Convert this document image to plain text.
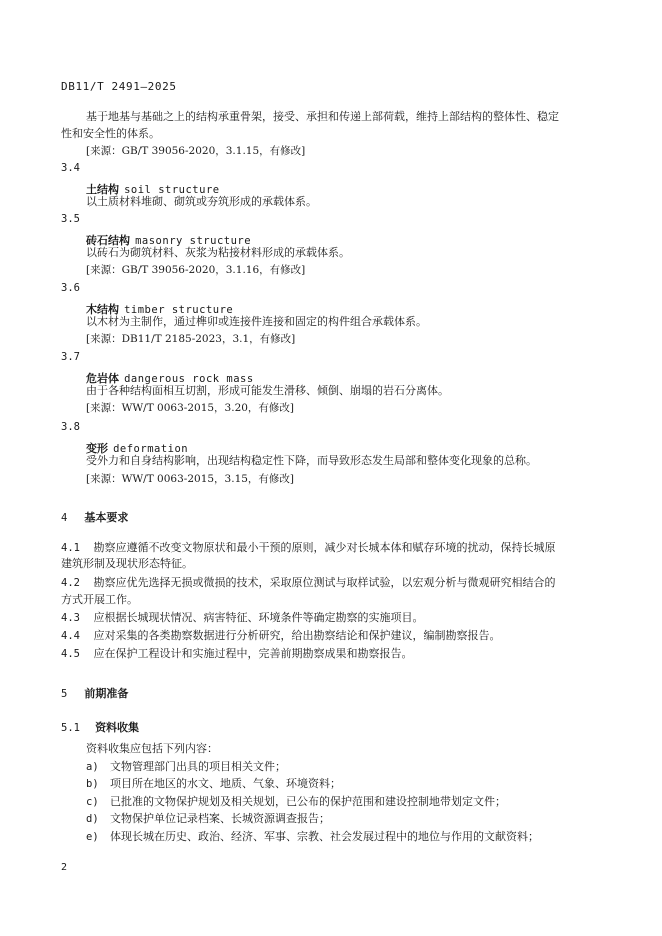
DB11/T 2491—2025
基于地基与基础之上的结构承重骨架，接受、承担和传递上部荷载，维持上部结构的整体性、稳定
性和安全性的体系。
[来源：GB/T 39056-2020，3.1.15，有修改]
3.4
土结构 soil structure
以土质材料堆砌、砌筑或夯筑形成的承载体系。
3.5
砖石结构 masonry structure
以砖石为砌筑材料、灰浆为粘接材料形成的承载体系。
[来源：GB/T 39056-2020，3.1.16，有修改]
3.6
木结构 timber structure
以木材为主制作，通过榫卯或连接件连接和固定的构件组合承载体系。
[来源：DB11/T 2185-2023，3.1，有修改]
3.7
危岩体 dangerous rock mass
由于各种结构面相互切割，形成可能发生滑移、倾倒、崩塌的岩石分离体。
[来源：WW/T 0063-2015，3.20，有修改]
3.8
变形 deformation
受外力和自身结构影响，出现结构稳定性下降，而导致形态发生局部和整体变化现象的总称。
[来源：WW/T 0063-2015，3.15，有修改]
4 基本要求
4.1 勘察应遵循不改变文物原状和最小干预的原则，减少对长城本体和赋存环境的扰动，保持长城原
建筑形制及现状形态特征。
4.2 勘察应优先选择无损或微损的技术，采取原位测试与取样试验，以宏观分析与微观研究相结合的
方式开展工作。
4.3 应根据长城现状情况、病害特征、环境条件等确定勘察的实施项目。
4.4 应对采集的各类勘察数据进行分析研究，给出勘察结论和保护建议，编制勘察报告。
4.5 应在保护工程设计和实施过程中，完善前期勘察成果和勘察报告。
5 前期准备
5.1 资料收集
资料收集应包括下列内容：
a) 文物管理部门出具的项目相关文件；
b) 项目所在地区的水文、地质、气象、环境资料；
c) 已批准的文物保护规划及相关规划，已公布的保护范围和建设控制地带划定文件；
d) 文物保护单位记录档案、长城资源调查报告；
e) 体现长城在历史、政治、经济、军事、宗教、社会发展过程中的地位与作用的文献资料；
2
